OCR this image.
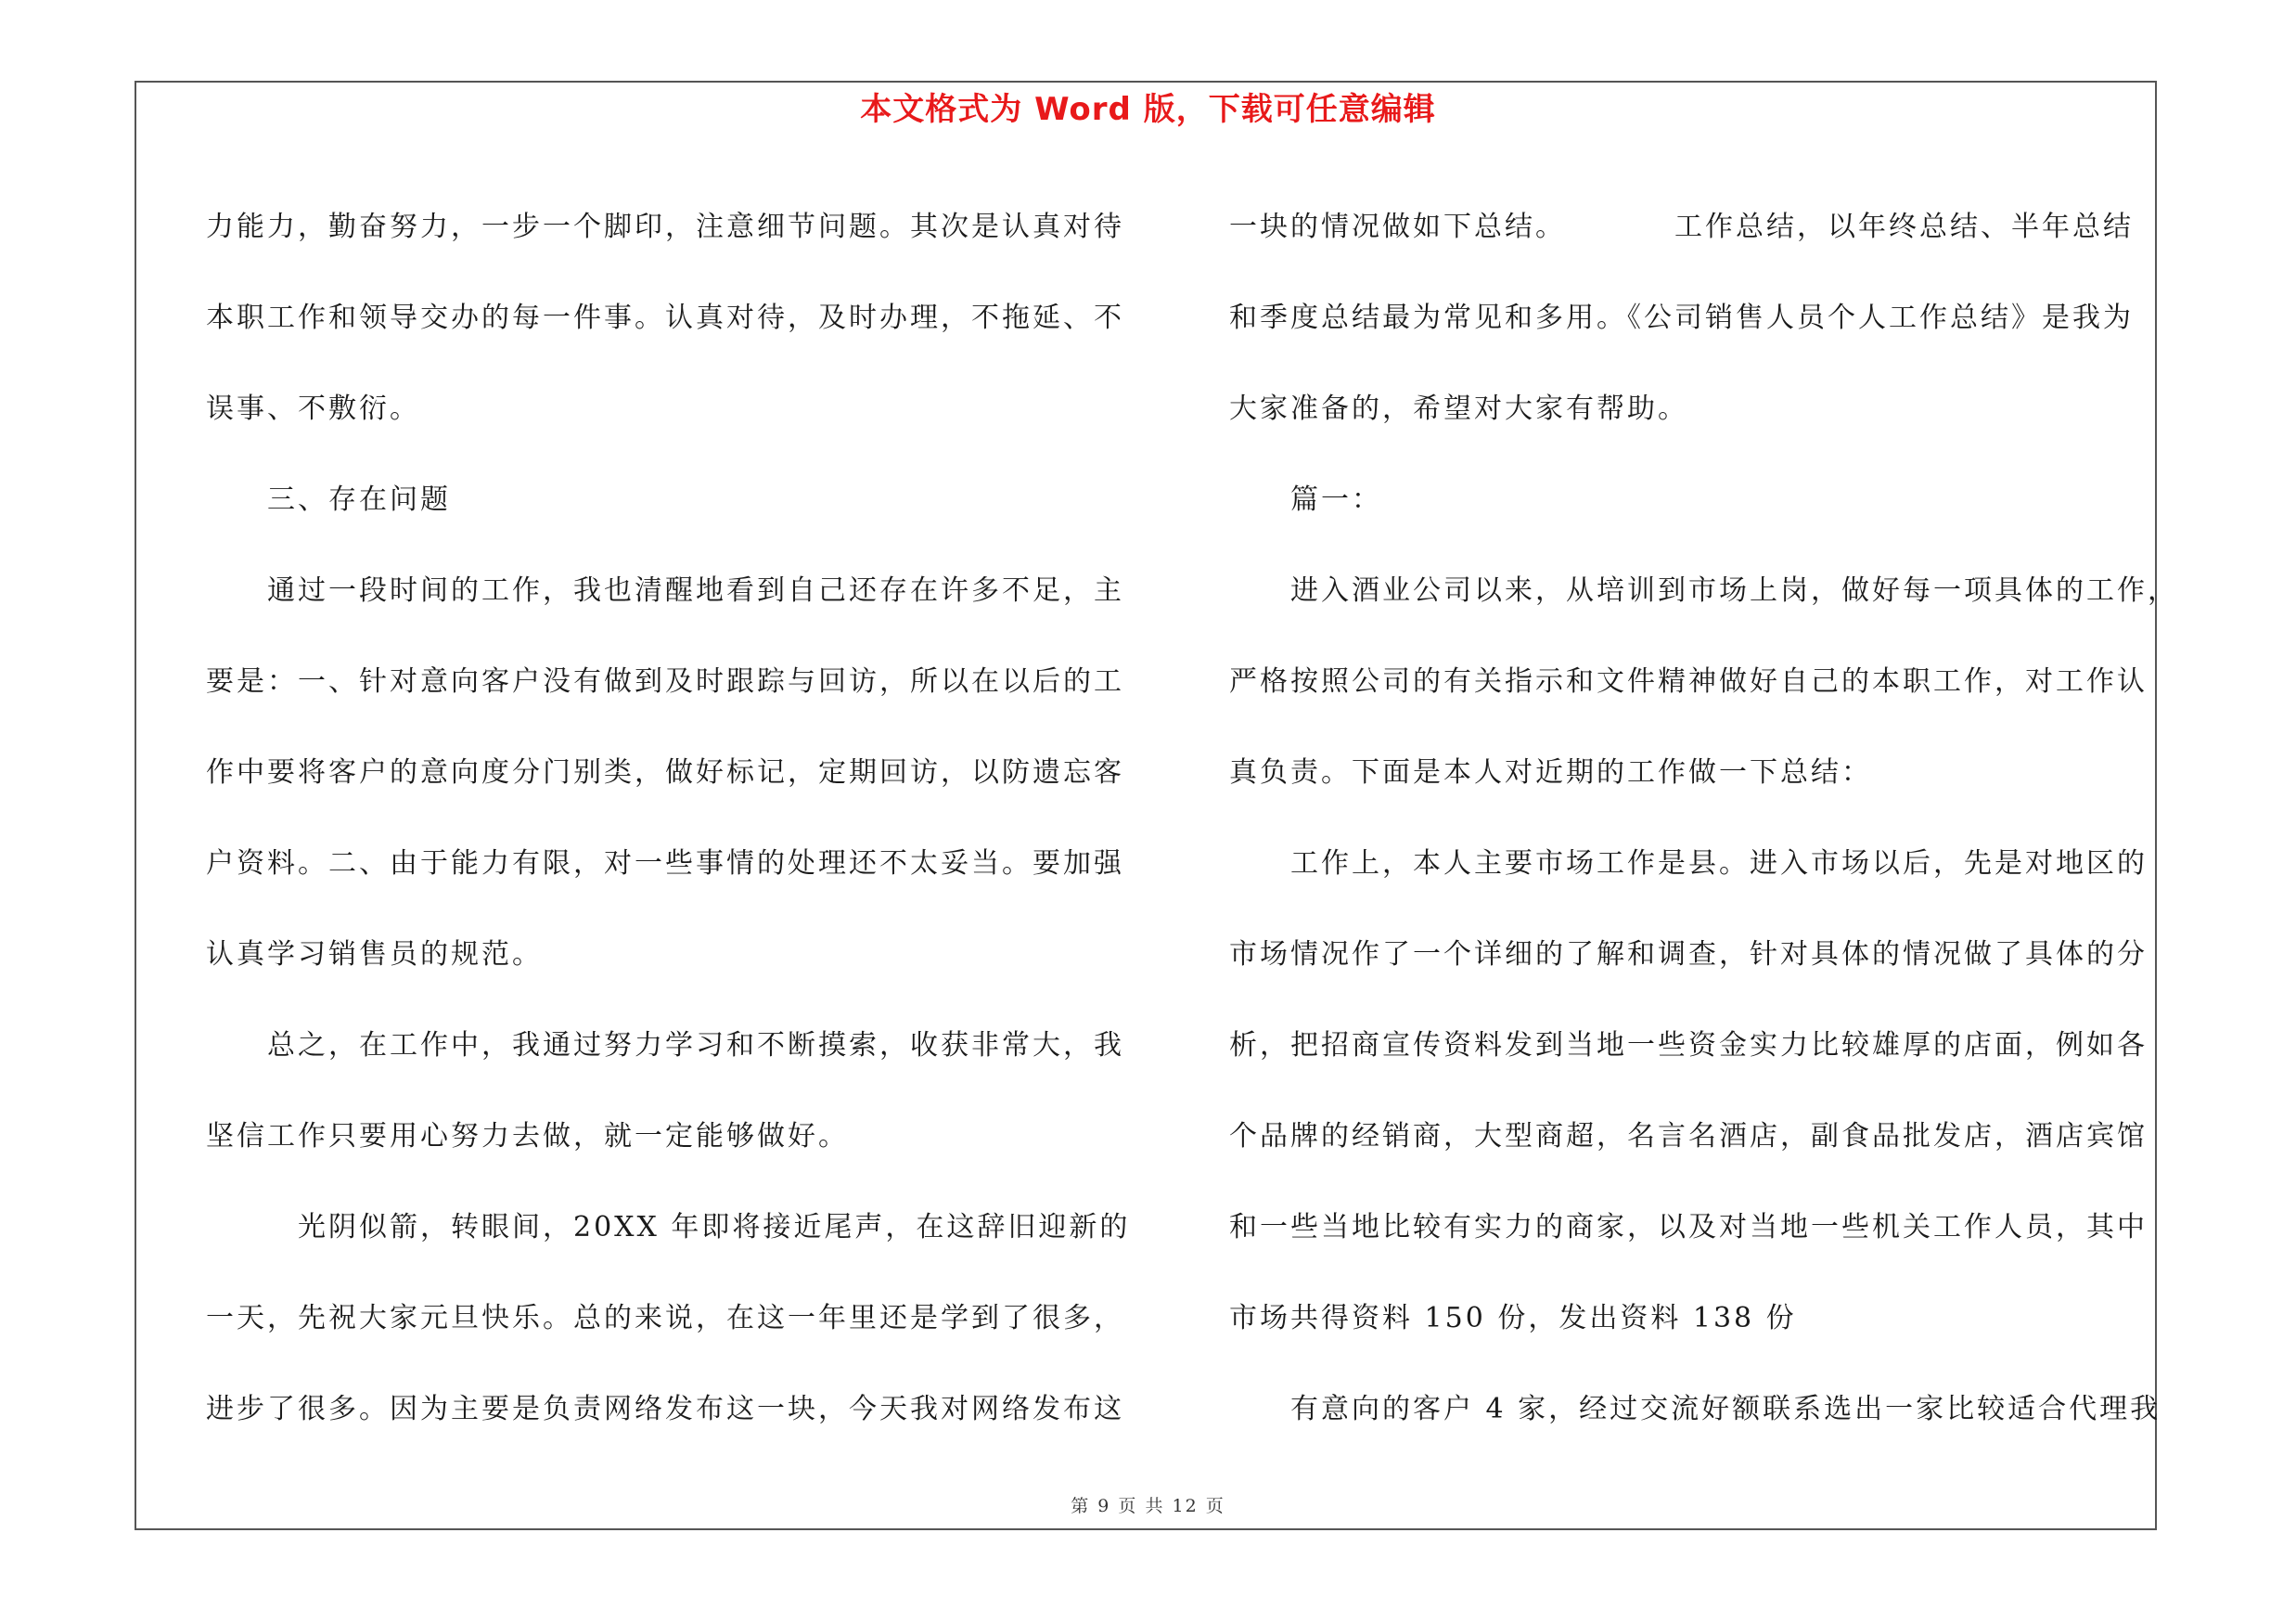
本文格式为 Word 版，下载可任意编辑
力能力，勤奋努力，一步一个脚印，注意细节问题。其次是认真对待
本职工作和领导交办的每一件事。认真对待，及时办理，不拖延、不
误事、不敷衍。
　　三、存在问题
　　通过一段时间的工作，我也清醒地看到自己还存在许多不足，主
要是：一、针对意向客户没有做到及时跟踪与回访，所以在以后的工
作中要将客户的意向度分门别类，做好标记，定期回访，以防遗忘客
户资料。二、由于能力有限，对一些事情的处理还不太妥当。要加强
认真学习销售员的规范。
　　总之，在工作中，我通过努力学习和不断摸索，收获非常大，我
坚信工作只要用心努力去做，就一定能够做好。
　　　光阴似箭，转眼间，20XX 年即将接近尾声，在这辞旧迎新的
一天，先祝大家元旦快乐。总的来说，在这一年里还是学到了很多，
进步了很多。因为主要是负责网络发布这一块，今天我对网络发布这
一块的情况做如下总结。　　　　工作总结，以年终总结、半年总结
和季度总结最为常见和多用。《公司销售人员个人工作总结》是我为
大家准备的，希望对大家有帮助。
　　篇一：
　　进入酒业公司以来，从培训到市场上岗，做好每一项具体的工作，
严格按照公司的有关指示和文件精神做好自己的本职工作，对工作认
真负责。下面是本人对近期的工作做一下总结：
　　工作上，本人主要市场工作是县。进入市场以后，先是对地区的
市场情况作了一个详细的了解和调查，针对具体的情况做了具体的分
析，把招商宣传资料发到当地一些资金实力比较雄厚的店面，例如各
个品牌的经销商，大型商超，名言名酒店，副食品批发店，酒店宾馆
和一些当地比较有实力的商家，以及对当地一些机关工作人员，其中
市场共得资料 150 份，发出资料 138 份
　　有意向的客户 4 家，经过交流好额联系选出一家比较适合代理我
第 9 页 共 12 页
